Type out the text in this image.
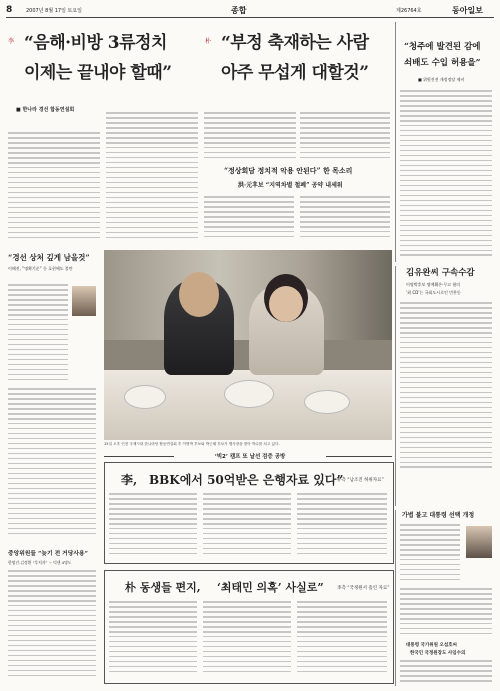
8	2007년 8월 17일 토요일	종합	제26764호	동아일보
李 “음해·비방 3류정치
이제는 끝내야 할때”
■ 한나라 경선 합동연설회
朴 “부정 축재하는 사람
아주 무섭게 대할것”
“청주에 발견된 감에
쇠배도 수입 허용을”
■ 위원진전 개정정당 제비
“정상회담 정치적 악용 안된다” 한 목소리
洪·元후보 “지역차별 철폐” 공약 내세워
“경선 상처 깊게 남을것”
이해진, “명확기준” 등 호현에도 불만
15일 오후 인천 국제시내 한나라당 합동연설회 후 이명박 후보와 박근혜 후보가 행사장을 찾아 박수를 치고 있다.
‘빅2’ 캠프 또 날선 검증 공방
李, BBK에서 50억받은 은행자료 있다”
朴측 “남조진 허위자료”
朴 동생들 편지, ‘최태민 의혹’ 사실로”	李측 “국정원서 흘린 자료”
중앙위원들 “늦기 전 거당사용”
한명건-김정환 “후치자” ~ 덕센 4명도
김유완씨 구속수감
이명박후보 명예훼손·무고 혐의
‘최 CD’는 국회도시로인 민찬동
가볍 불고 대통령 선택 개정
대통령 국가위원 오섬호씨
한국인 국정원장도 사임수의
